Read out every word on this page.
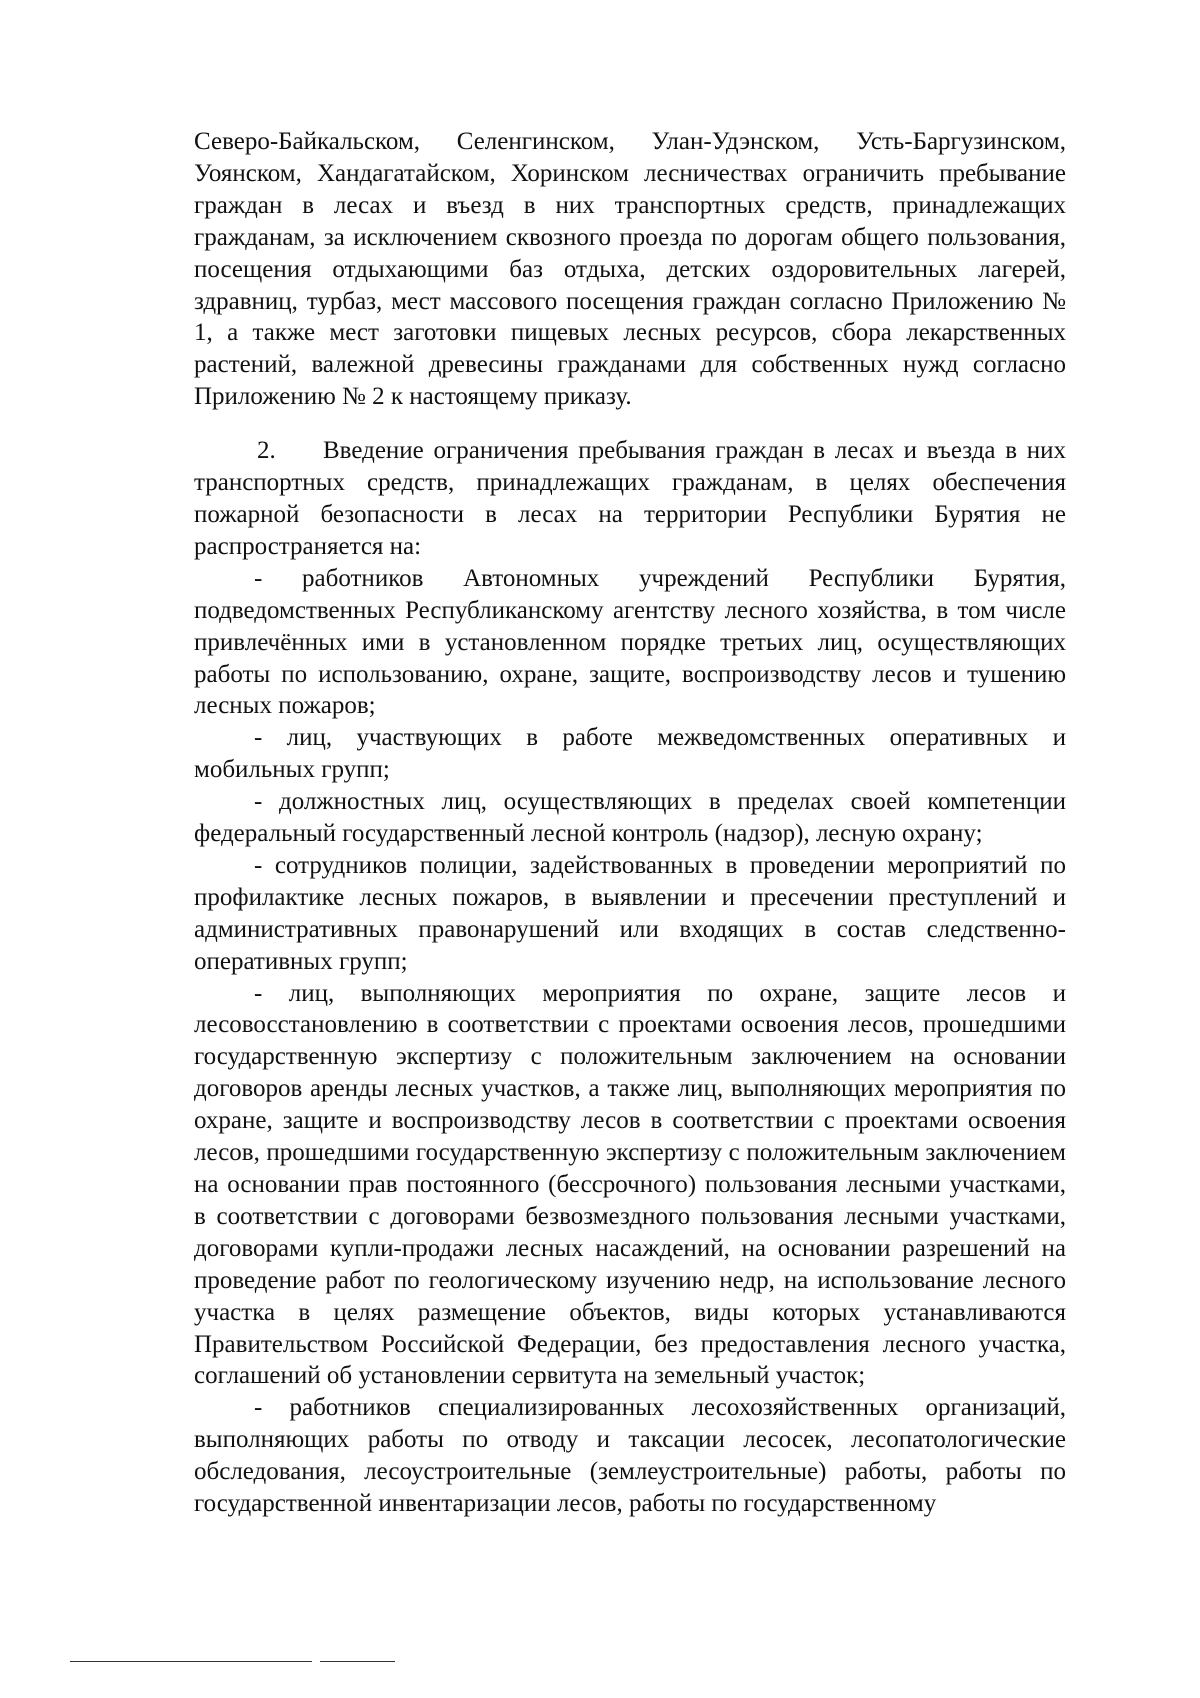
Северо-Байкальском, Селенгинском, Улан-Удэнском, Усть-Баргузинском, Уоянском, Хандагатайском, Хоринском лесничествах ограничить пребывание граждан в лесах и въезд в них транспортных средств, принадлежащих гражданам, за исключением сквозного проезда по дорогам общего пользования, посещения отдыхающими баз отдыха, детских оздоровительных лагерей, здравниц, турбаз, мест массового посещения граждан согласно Приложению № 1, а также мест заготовки пищевых лесных ресурсов, сбора лекарственных растений, валежной древесины гражданами для собственных нужд согласно Приложению № 2 к настоящему приказу.

2. Введение ограничения пребывания граждан в лесах и въезда в них транспортных средств, принадлежащих гражданам, в целях обеспечения пожарной безопасности в лесах на территории Республики Бурятия не распространяется на:

- работников Автономных учреждений Республики Бурятия, подведомственных Республиканскому агентству лесного хозяйства, в том числе привлечённых ими в установленном порядке третьих лиц, осуществляющих работы по использованию, охране, защите, воспроизводству лесов и тушению лесных пожаров;

- лиц, участвующих в работе межведомственных оперативных и мобильных групп;

- должностных лиц, осуществляющих в пределах своей компетенции федеральный государственный лесной контроль (надзор), лесную охрану;

- сотрудников полиции, задействованных в проведении мероприятий по профилактике лесных пожаров, в выявлении и пресечении преступлений и административных правонарушений или входящих в состав следственно-оперативных групп;

- лиц, выполняющих мероприятия по охране, защите лесов и лесовосстановлению в соответствии с проектами освоения лесов, прошедшими государственную экспертизу с положительным заключением на основании договоров аренды лесных участков, а также лиц, выполняющих мероприятия по охране, защите и воспроизводству лесов в соответствии с проектами освоения лесов, прошедшими государственную экспертизу с положительным заключением на основании прав постоянного (бессрочного) пользования лесными участками, в соответствии с договорами безвозмездного пользования лесными участками, договорами купли-продажи лесных насаждений, на основании разрешений на проведение работ по геологическому изучению недр, на использование лесного участка в целях размещение объектов, виды которых устанавливаются Правительством Российской Федерации, без предоставления лесного участка, соглашений об установлении сервитута на земельный участок;

- работников специализированных лесохозяйственных организаций, выполняющих работы по отводу и таксации лесосек, лесопатологические обследования, лесоустроительные (землеустроительные) работы, работы по государственной инвентаризации лесов, работы по государственному
